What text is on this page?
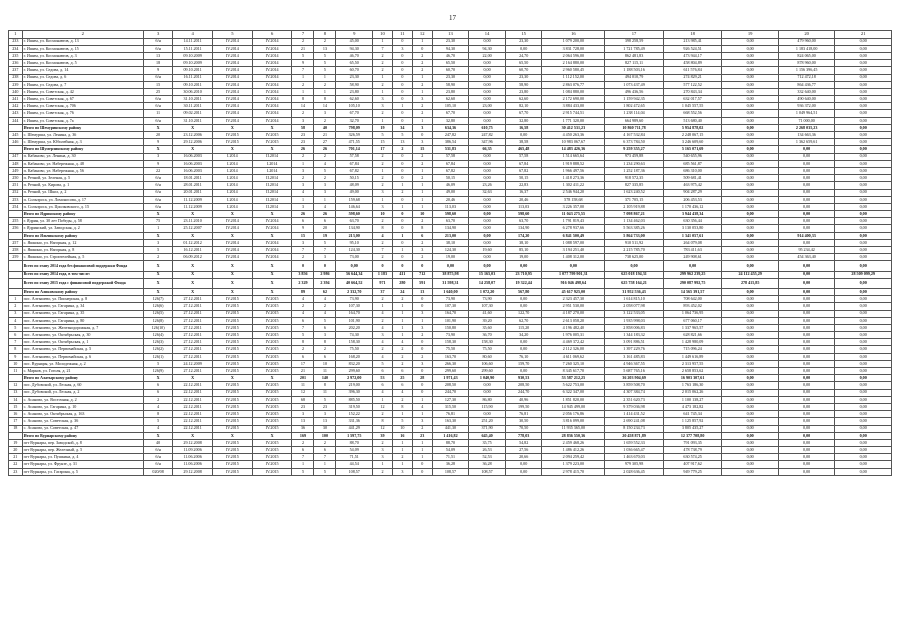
17
1	2	3	4	5	6	7	8	9	10	11	12	13	14	15	16	17	18	19	20	21
233	г. Ишим, ул. Космонавтов, д. 13	б/н	14.11.2011	IV.2014	IV.2014	2	2	45,00	1	0	1	23,30	0,00	23,30	1 079 200,00	398 258,59	213 985,41	0,00	479 960,00	0,00
234	г. Ишим, ул. Космонавтов, д. 15	б/н	15.11.2011	IV.2014	IV.2014	21	13	94,30	7	3	0	94,30	94,30	0,00	3 831 728,00	1 721 785,49	926 524,51	0,00	1 183 418,00	0,00
235	г. Ишим, ул. Космонавтов, д. 3	13	09.10.2009	IV.2014	IV.2014	5	5	46,70	2	0	2	46,70	22,00	24,70	2 064 596,00	862 481,83	473 944,17	0,00	824 065,00	0,00
236	г. Ишим, ул. Космонавтов, д. 5	18	09.10.2009	IV.2014	IV.2014	9	5	65,50	2	0	2	65,50	0,00	65,50	2 164 880,00	827 115,11	458 804,89	0,00	878 960,00	0,00
237	г. Ишим, ул. Седова, д. 14	9	09.10.2011	IV.2014	IV.2014	7	5	60,70	2	0	2	60,70	0,00	60,70	2 960 580,45	1 188 503,16	611 576,84	0,00	1 156 396,45	0,00
238	г. Ишим, ул. Седова, д. 6	б/н	16.11.2011	IV.2014	IV.2014	1	1	23,30	1	0	1	23,30	0,00	23,30	1 112 152,00	494 010,79	274 829,21	0,00	712 472,18	0,00
239	г. Ишим, ул. Седова, д. 7	15	09.10.2011	IV.2014	IV.2014	2	2	58,90	2	0	2	58,90	0,00	58,90	2 863 076,77	1 073 437,49	577 122,52	0,00	864 436,77	0,00
240	г. Ишим, ул. Советская, д. 42	25	30.06.2010	IV.2014	IV.2014	1	1	23,80	1	0	1	23,80	0,00	23,80	1 084 880,00	496 436,56	270 843,34	0,00	332 640,00	0,00
241	г. Ишим, ул. Советская, д. 67	б/н	31.10.2011	IV.2014	IV.2014	8	8	62,60	3	0	3	62,60	0,00	62,60	2 172 690,00	1 159 942,35	632 017,57	0,00	490 640,00	0,00
242	г. Ишим, ул. Советская, д. 706	б/н	30.11.2011	IV.2014	IV.2014	14	14	105,10	3	1	2	105,10	23,00	82,10	3 884 433,00	1 802 472,65	1 045 557,55	0,00	936 372,00	0,00
243	г. Ишим, ул. Советская, д. 76	11	09.02.2011	IV.2014	IV.2014	2	3	67,70	2	0	2	67,70	0,00	67,70	2 915 744,51	1 238 114,04	668 552,56	0,00	1 049 964,51	0,00
244	г. Ишим, ул. Советская, д. 7а	б/н	31.10.2011	IV.2014	IV.2014	3	2	32,70	1	0	1	32,80	0,00	32,80	1 771 320,00	664 989,60	513 680,40	0,00	71 000,00	0,00
	Итого по Шемуринскому району	X	X	X	X	58	40	798,09	19	34	3	634,36	610,75	16,58	30 412 531,23	10 860 711,78	5 954 878,02	0,00	2 268 035,23	0,00
245	с. Шемурша, ул. Ленина, д. 36	20	23.12.2006	IV.2015	IV.2015	23	21	326,59	5	5	0	247,82	247,82	0,00	4 450 263,36	4 167 532,84	2 248 067,15	0,00	134 663,36	0,00
246	с. Шемурша, ул. Юбилейная, д. 3	9	29.12.2006	IV.2015	IV.2015	23	27	471,55	15	13	3	386,54	347,96	38,58	10 983 067,67	6 373 784,50	3 246 609,60	0,00	1 362 659,61	0,00
	Итого по Шумерлинскому району	X	X	X	X	26	26	701,14	17	2	15	531,83	66,35	465,48	14 483 426,36	9 259 355,27	5 165 071,69	0,00	0,00	0,00
247	п. Кабаново, ул. Ленина, д. 30	3	16.06.2003	I.2014	II.2014	2	2	57,58	2	0	2	57,58	0,00	57,58	1 514 665,64	973 459,88	540 655,96	0,00	0,00	0,00
248	п. Кабаново, ул. Набережная, д. 48	9	16.06.2003	I.2014	I.2014	1	4	67,84	2	0	2	67,84	0,00	67,84	1 919 888,52	1 234 290,63	685 561,87	0,00	0,00	0,00
249	п. Кабаново, ул. Набережная, д. 56	22	16.06.2003	I.2014	I.2014	3	5	67,82	1	0	1	67,82	0,00	67,82	1 966 497,56	1 252 187,36	686 310,00	0,00	0,00	0,00
250	п. Речной, ул. Зеленая, д. 5	б/н	18.01.2011	I.2014	II.2014	2	2	50,15	2	0	2	50,15	0,00	50,15	1 418 273,36	918 572,35	509 681,41	0,00	0,00	0,00
251	п. Речной, ул. Кирова, д. 1	б/н	28.01.2011	I.2014	II.2014	3	3	48,09	2	1	1	46,09	23,26	22,83	1 302 411,22	827 335,85	463 975,42	0,00	0,00	0,00
252	п. Речной, ул. Школ, д. 2	б/н	20.01.2011	I.2014	II.2014	4	3	49,00	3	2	1	49,00	32,63	16,37	2 546 944,20	1 623 240,52	904 287,29	0,00	0,00	0,00
253	п. Сольпроса, ул. Ломоносова, д. 17	б/н	11.12.2009	I.2014	II.2014	1	1	159,68	1	0	1	20,46	0,00	20,46	578 158,68	371 705,15	206 453,53	0,00	0,00	0,00
254	п. Сольпроса, ул. Циолковского, д. 15	б/н	11.12.2009	I.2014	II.2014	3	4	146,64	3	1	1	113,03	0,00	113,03	3 226 357,00	2 105 919,88	1 170 436,12	0,00	0,00	0,00
	Итого по Ядринскому району	X	X	X	X	26	26	598,60	10	0	10	598,60	0,00	598,60	11 043 275,55	7 098 867,21	3 944 438,34	0,00	0,00	0,00
255	г. Ядрин, ул. 30 лет Победы, д. 58	75	23.11.2010	IV.2014	IV.2014	6	6	63,70	2	0	2	63,70	0,00	63,70	1 791 819,43	1 134 462,03	630 356,44	0,00	0,00	0,00
256	г. Ядринский, ул. Заводская, д. 2	1	25.12.2007	IV.2014	IV.2014	9	20	134,90	8	0	8	134,90	0,00	134,90	6 278 937,66	5 563 385,26	3 130 053,80	0,00	0,00	0,00
	Итого по Яльчикскому району	X	X	X	X	15	19	213,00	4	1	6	213,00	0,00	174,20	6 841 500,49	5 864 733,00	1 341 057,61	0,00	914 400,33	0,00
257	с. Яшкино, ул. Нагорная, д. 12	3	01.12.2012	IV.2014	IV.2014	3	5	95,10	2	0	2	38,10	0,00	38,10	1 088 597,00	910 511,92	264 079,08	0,00	0,00	0,00
258	с. Яшкино, ул. Нагорная, д. 8	5	16.12.2011	IV.2014	IV.2014	7	7	124,30	7	1	3	124,30	19,60	85,10	3 194 251,40	2 215 785,70	783 411,63	0,00	95 234,42	0,00
259	с. Яшкино, ул. Строителейная, д. 5	2	06.09.2012	IV.2014	IV.2014	2	3	73,00	2	0	2	19,00	0,00	19,00	1 408 312,00	738 625,00	249 908,61	0,00	454 363,40	0,00
	Всего по этапу 2014 года без финансовой поддержки Фонда	X	X	X	X	0	0	0,00	0	0	0	0,00	0,00	0,00	0,00	0,00	0,00	0,00	0,00	0,00
	Всего по этапу 2014 года, в том числе:	X	X	X	X	3 856	2 986	56 644,34	1 183	411	712	38 875,98	15 165,03	23 710,95	1 077 799 901,31	625 018 194,31	299 962 239,25	24 112 455,29	0,00	28 509 099,29
	Всего по этапу 2015 года с финансовой поддержкой Фонда	X	X	X	X	2 329	2 394	40 664,52	971	280	591	31 598,31	14 258,07	19 322,44	916 046 498,64	625 758 164,21	290 087 992,75	278 415,85	0,00	0,00
	Итого по Аликовскому району	X	X	X	X	89	62	2 332,70	37	24	13	1 640,00	1 072,20	567,80	45 617 925,00	31 952 536,43	14 565 391,57	0,00	0,00	0,00
1	пос. Алтышево, ул. Пионерская, д. 8	126(7)	27.12.2011	IV.2015	IV.2015	4	4	73,90	2	2	0	73,90	73,90	0,00	2 323 457,30	1 614 815,10	708 642,00	0,00	0,00	0,00
2	пос. Алтышево, ул. Гагарина, д. 34	126(6)	27.12.2011	IV.2015	IV.2015	2	2	107,30	1	1	0	107,30	107,30	0,00	2 951 530,00	2 058 077,98	893 452,02	0,00	0,00	0,00
3	пос. Алтышево, ул. Гагарина, д. 35	126(5)	27.12.2011	IV.2015	IV.2015	4	4	164,70	4	1	3	164,70	41,60	122,70	4 187 270,00	3 122 533,05	1 064 736,95	0,00	0,00	0,00
4	пос. Алтышево, ул. Гагарина, д. 80	126(8)	27.12.2011	IV.2015	IV.2015	6	5	101,90	2	1	1	101,90	39,20	62,70	2 613 058,20	1 935 998,03	677 060,17	0,00	0,00	0,00
5	пос. Алтышево, ул. Железнодорожная, д. 7	126(10)	27.12.2011	IV.2015	IV.2015	7	6	202,20	4	1	3	150,80	35,60	115,20	4 196 482,40	2 858 006,83	1 337 965,57	0,00	0,00	0,00
6	пос. Алтышево, ул. Октябрьская, д. 30	126(4)	27.12.2011	IV.2015	IV.2015	5	3	74,30	3	1	2	73,90	36,70	34,20	1 976 005,31	1 344 183,32	628 821,66	0,00	0,00	0,00
7	пос. Алтышево, ул. Октябрьская, д. 1	126(3)	27.12.2011	IV.2015	IV.2015	8	8	158,30	4	4	0	158,30	158,30	0,00	4 469 372,42	3 091 886,51	1 428 980,09	0,00	0,00	0,00
8	пос. Алтышево, ул. Первомайская, д. 5	126(2)	27.12.2011	IV.2015	IV.2015	2	2	75,50	2	2	0	75,50	75,50	0,00	2 112 326,00	1 397 229,76	715 096,24	0,00	0,00	0,00
9	пос. Алтышево, ул. Первомайская, д. 6	126(1)	27.12.2011	IV.2015	IV.2015	6	6	168,20	4	2	2	163,70	80,60	76,10	4 611 069,62	3 161 485,83	1 449 616,89	0,00	0,00	0,00
10	пос. Вурнары, ул. Молодежная, д. 2	5	24.12.2009	IV.2015	IV.2015	17	10	832,20	5	2	3	266,30	106,60	159,70	7 260 325,10	4 946 367,55	2 313 957,55	0,00	0,00	0,00
11	с. Марков, ул. Гоголя, д. 21	126(9)	27.12.2011	IV.2015	IV.2015	21	11	299,60	6	6	0	299,60	299,60	0,00	8 345 617,70	5 687 765,16	2 658 853,62	0,00	0,00	0,00
	Итого по Алатырскому району	X	X	X	X	201	140	2 972,00	53	25	28	1 971,43	1 040,90	930,53	53 587 212,25	36 203 904,69	16 903 307,61	0,00	0,00	0,00
12	пос. Дубовский, ул. Лесная, д. 60	6	22.12.2011	IV.2015	IV.2015	11	8	219,00	6	6	0	208,50	0,00	208,50	5 622 753,00	3 859 508,70	1 763 186,30	0,00	0,00	0,00
13	пос. Дубовский, ул. Лесная, д. 2	6	22.12.2011	IV.2015	IV.2015	12	11	396,30	4	4	0	244,70	0,00	244,70	6 322 347,00	4 307 384,74	2 015 062,26	0,00	0,00	0,00
14	с. Асаново, ул. Восточная, д. 2	2	22.12.2011	IV.2015	IV.2015	68	5	885,50	1	2	1	127,30	86,80	40,96	1 851 820,00	2 351 620,73	1 100 138,27	0,00	0,00	0,00
15	с. Асаново, ул. Гагарина, д. 10	4	22.12.2011	IV.2015	IV.2015	23	23	319,50	12	8	4	315,50	115,90	199,50	14 945 499,00	9 379 036,98	4 473 182,82	0,00	0,00	0,00
16	с. Асаново, ул. Октябрьская, д. 163	8	22.12.2011	IV.2015	IV.2015	3	3	152,22	2	1	1	76,81	0,00	76,81	2 056 176,86	1 414 431,52	641 745,34	0,00	0,00	0,00
17	с. Асаново, ул. Советская, д. 36	5	22.12.2011	IV.2015	IV.2015	13	13	331,36	8	5	3	163,30	251,20	30,50	3 816 099,00	2 690 241,08	1 125 857,92	0,00	0,00	0,00
18	с. Асаново, ул. Советская, д. 47	4	22.12.2011	IV.2015	IV.2015	36	30	441,29	12	10	2	441,30	371,90	70,50	11 935 365,00	8 150 234,73	3 805 435,27	0,00	0,00	0,00
	Итого по Вурнарскому району	X	X	X	X	169	100	1 597,75	39	16	23	1 416,82	645,40	778,03	28 836 550,36	20 458 871,89	12 377 708,80	0,00	0,00	0,00
19	пгт Вурнары, пер. Заводской, д. 8	40	29.12.2008	IV.2015	IV.2015	2	2	88,70	2	1	1	88,70	35,75	54,82	2 459 468,26	1 659 552,33	791 093,35	0,00	0,00	0,00
20	пгт Вурнары, пер. Железный, д. 5	б/н	11.09.2006	IV.2015	IV.2015	6	6	54,09	3	1	1	54,09	26,53	27,56	1 486 412,26	1 036 665,47	478 738,79	0,00	0,00	0,00
21	пгт Вурнары, ул. Пушкина, д. 4	б/н	11.06.2006	IV.2015	IV.2015	7	7	71,51	3	2	1	71,51	52,53	20,66	2 094 259,42	1 463 670,03	630 574,25	0,00	0,00	0,00
22	пгт Вурнары, ул. Фрунзе, д. 31	б/н	11.06.2006	IV.2015	IV.2015	1	1	44,54	1	1	0	36,28	36,28	0,00	1 379 223,00	979 305,98	407 917,62	0,00	0,00	0,00
23	пгт Вурнары, ул. Гагарина, д. 5	020/08	29.12.2008	IV.2015	IV.2015	5	5	108,57	2	3	0	108,57	108,57	0,00	2 978 415,70	2 028 636,45	949 779,25	0,00	0,00	0,00
